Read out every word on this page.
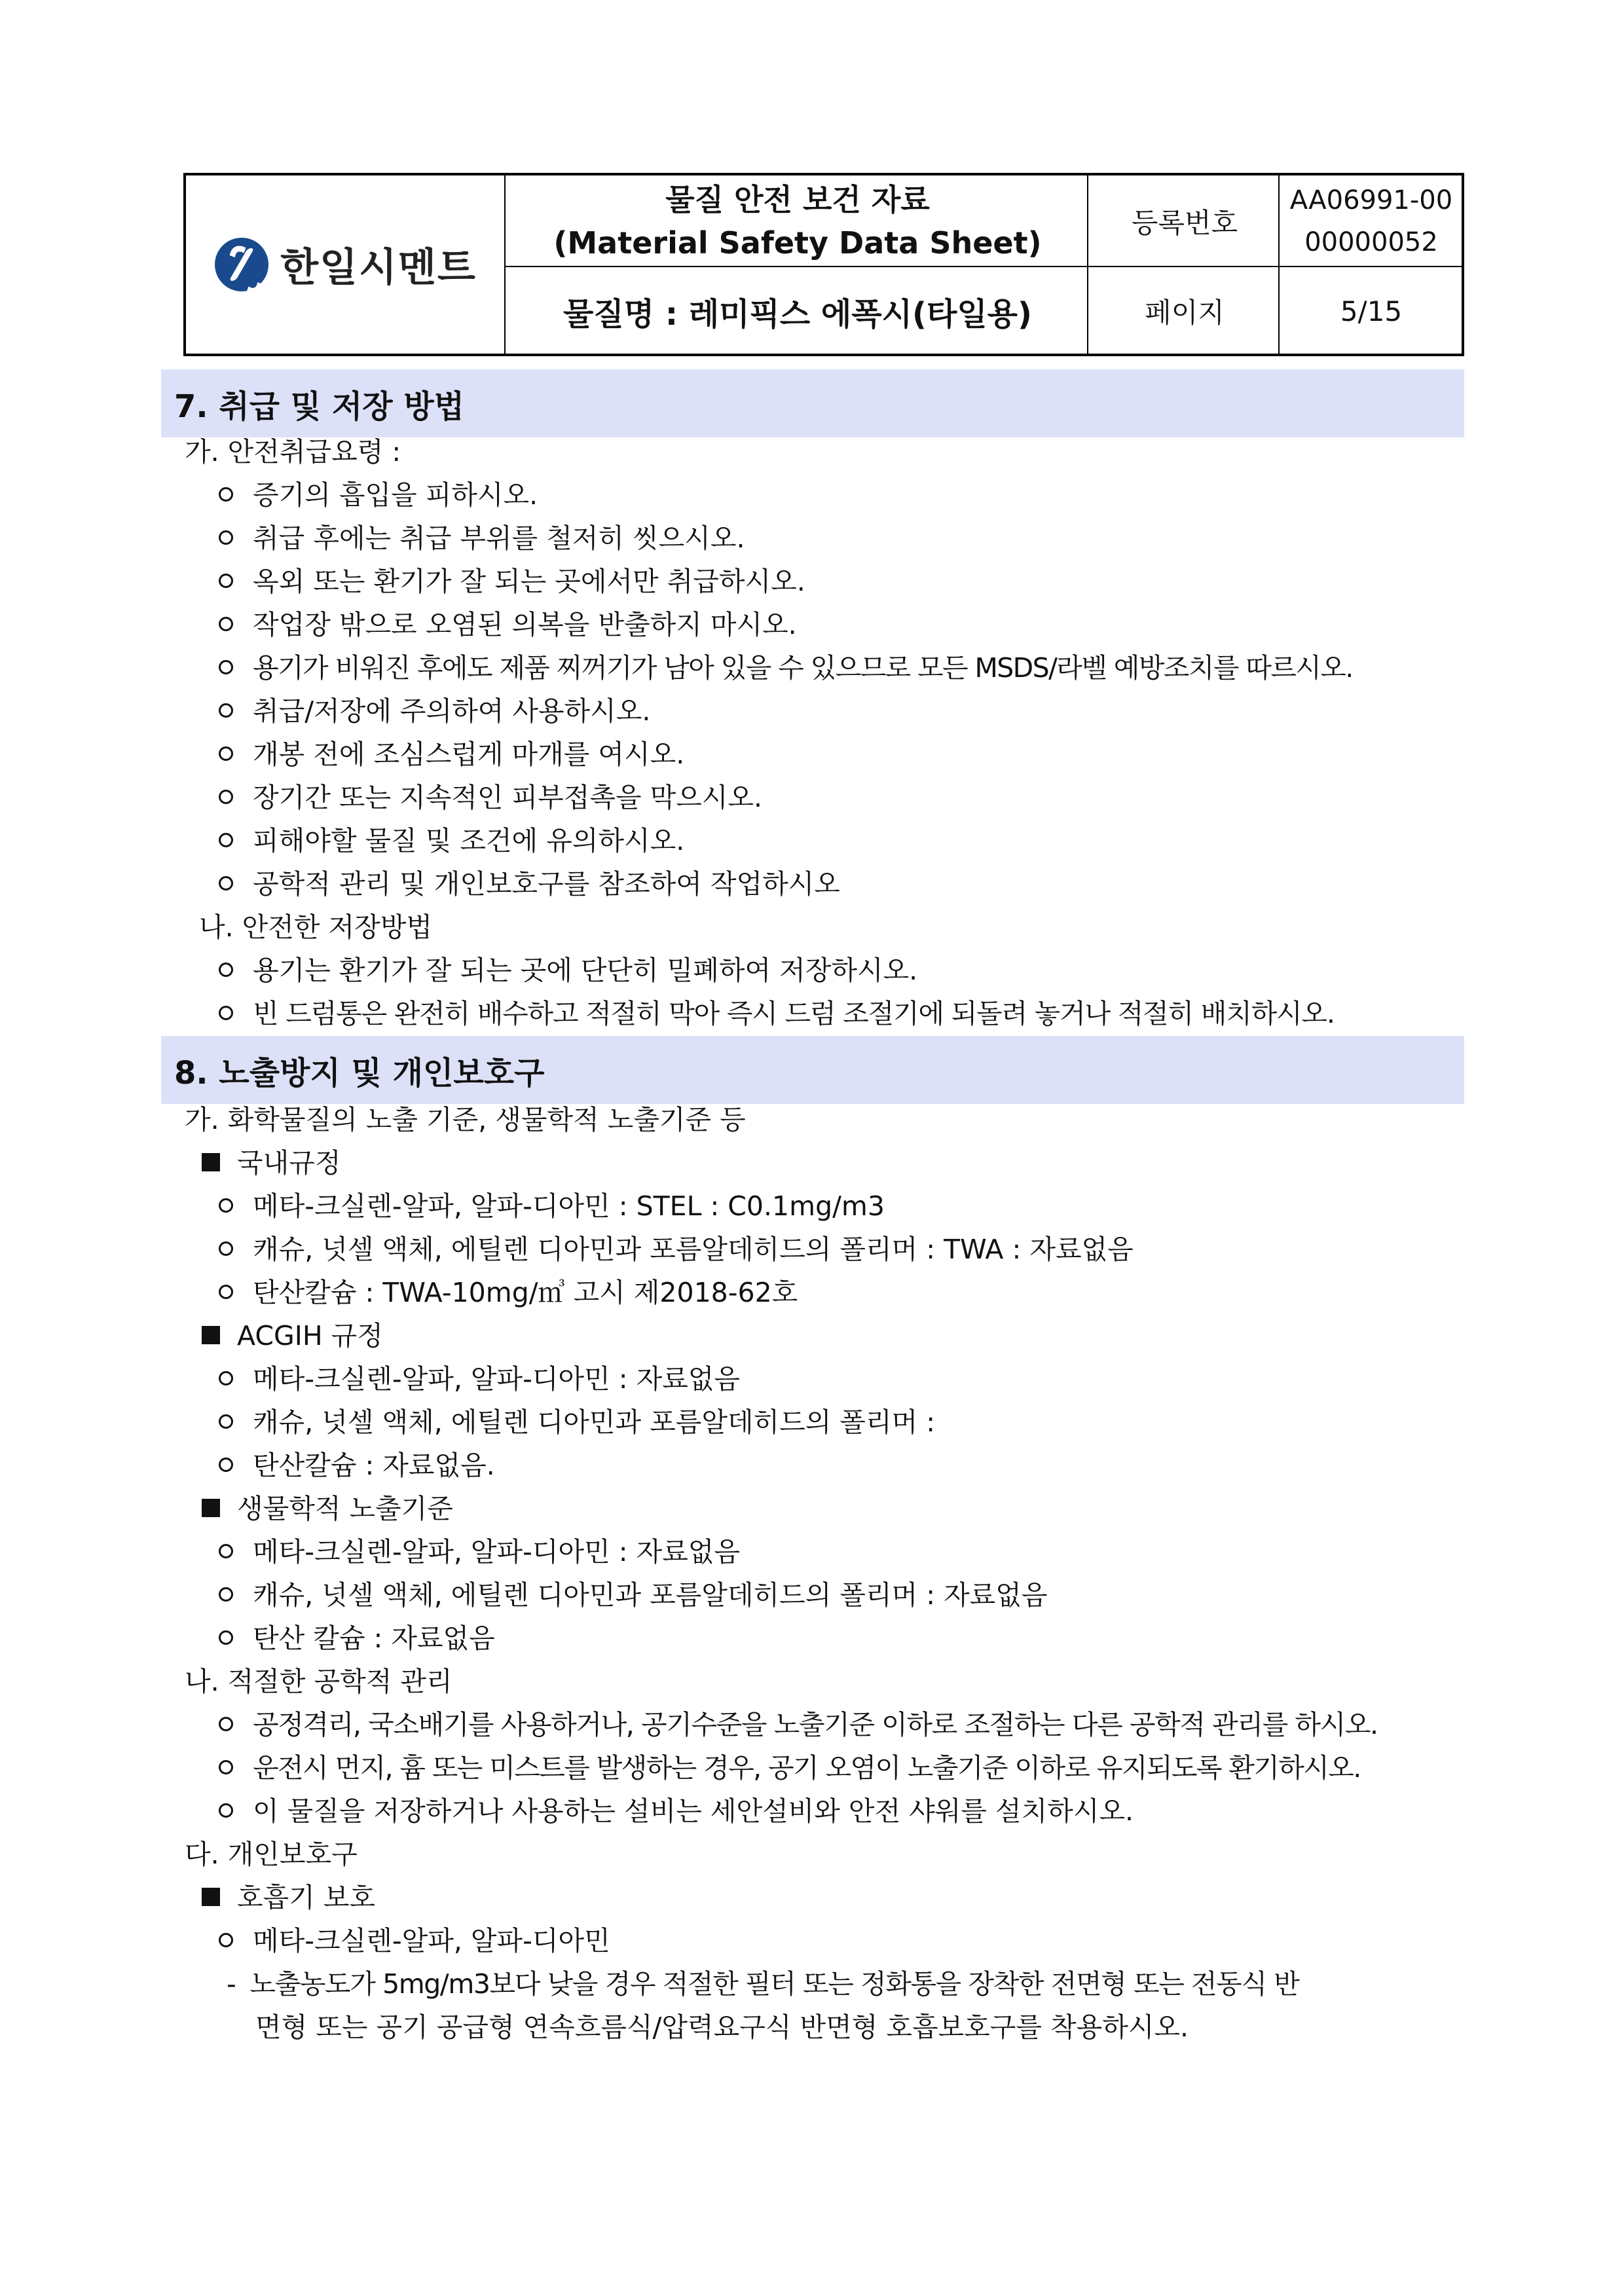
한일시멘트
물질 안전 보건 자료
(Material Safety Data Sheet)
물질명 : 레미픽스 에폭시(타일용)
등록번호
AA06991-00
00000052
페이지	5/15
7. 취급 및 저장 방법
가. 안전취급요령 :
증기의 흡입을 피하시오.
취급 후에는 취급 부위를 철저히 씻으시오.
옥외 또는 환기가 잘 되는 곳에서만 취급하시오.
작업장 밖으로 오염된 의복을 반출하지 마시오.
용기가 비워진 후에도 제품 찌꺼기가 남아 있을 수 있으므로 모든 MSDS/라벨 예방조치를 따르시오.
취급/저장에 주의하여 사용하시오.
개봉 전에 조심스럽게 마개를 여시오.
장기간 또는 지속적인 피부접촉을 막으시오.
피해야할 물질 및 조건에 유의하시오.
공학적 관리 및 개인보호구를 참조하여 작업하시오
나. 안전한 저장방법
용기는 환기가 잘 되는 곳에 단단히 밀폐하여 저장하시오.
빈 드럼통은 완전히 배수하고 적절히 막아 즉시 드럼 조절기에 되돌려 놓거나 적절히 배치하시오.
8. 노출방지 및 개인보호구
가. 화학물질의 노출 기준, 생물학적 노출기준 등
국내규정
메타-크실렌-알파, 알파-디아민 : STEL : C0.1mg/m3
캐슈, 넛셀 액체, 에틸렌 디아민과 포름알데히드의 폴리머 : TWA : 자료없음
탄산칼슘 : TWA-10mg/㎥ 고시 제2018-62호
ACGIH 규정
메타-크실렌-알파, 알파-디아민 : 자료없음
캐슈, 넛셀 액체, 에틸렌 디아민과 포름알데히드의 폴리머 :
탄산칼슘 : 자료없음.
생물학적 노출기준
메타-크실렌-알파, 알파-디아민 : 자료없음
캐슈, 넛셀 액체, 에틸렌 디아민과 포름알데히드의 폴리머 : 자료없음
탄산 칼슘 : 자료없음
나. 적절한 공학적 관리
공정격리, 국소배기를 사용하거나, 공기수준을 노출기준 이하로 조절하는 다른 공학적 관리를 하시오.
운전시 먼지, 흄 또는 미스트를 발생하는 경우, 공기 오염이 노출기준 이하로 유지되도록 환기하시오.
이 물질을 저장하거나 사용하는 설비는 세안설비와 안전 샤워를 설치하시오.
다. 개인보호구
호흡기 보호
메타-크실렌-알파, 알파-디아민
- 노출농도가 5mg/m3보다 낮을 경우 적절한 필터 또는 정화통을 장착한 전면형 또는 전동식 반
면형 또는 공기 공급형 연속흐름식/압력요구식 반면형 호흡보호구를 착용하시오.
